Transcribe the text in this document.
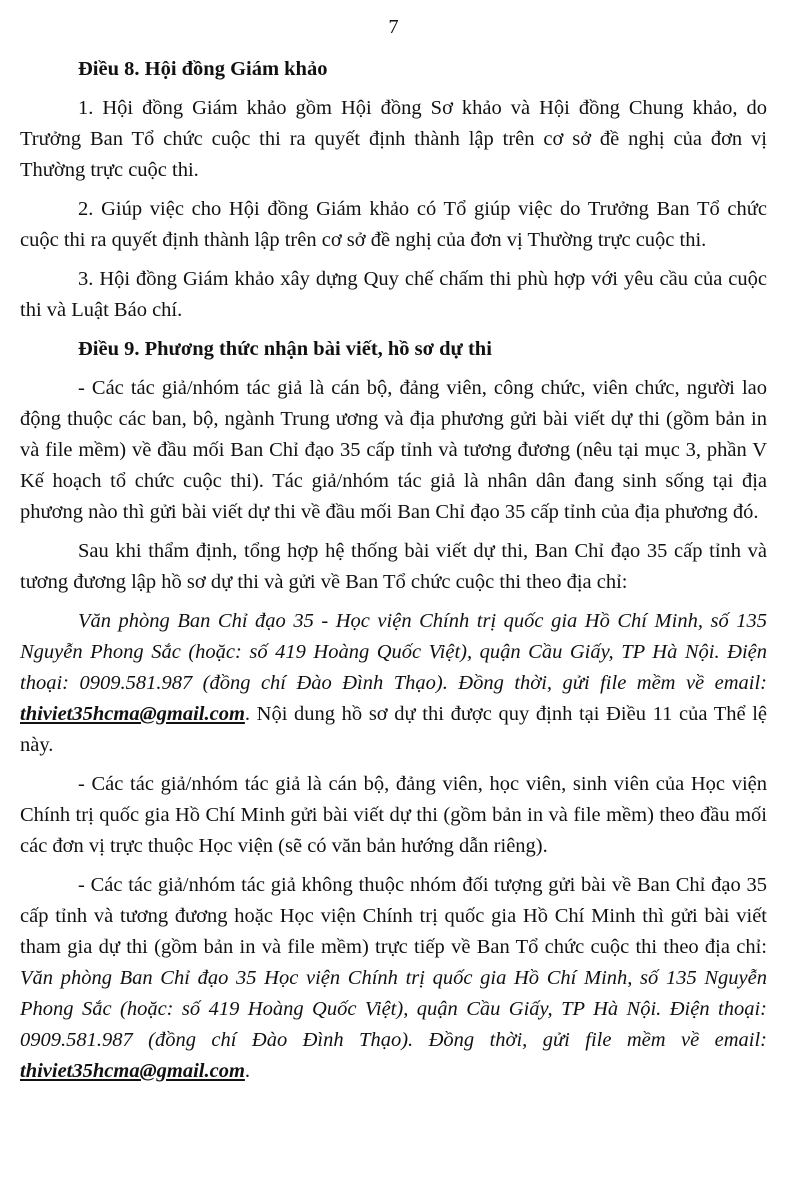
7
Điều 8. Hội đồng Giám khảo

1. Hội đồng Giám khảo gồm Hội đồng Sơ khảo và Hội đồng Chung khảo, do Trưởng Ban Tổ chức cuộc thi ra quyết định thành lập trên cơ sở đề nghị của đơn vị Thường trực cuộc thi.

2. Giúp việc cho Hội đồng Giám khảo có Tổ giúp việc do Trưởng Ban Tổ chức cuộc thi ra quyết định thành lập trên cơ sở đề nghị của đơn vị Thường trực cuộc thi.

3. Hội đồng Giám khảo xây dựng Quy chế chấm thi phù hợp với yêu cầu của cuộc thi và Luật Báo chí.

Điều 9. Phương thức nhận bài viết, hồ sơ dự thi

- Các tác giả/nhóm tác giả là cán bộ, đảng viên, công chức, viên chức, người lao động thuộc các ban, bộ, ngành Trung ương và địa phương gửi bài viết dự thi (gồm bản in và file mềm) về đầu mối Ban Chỉ đạo 35 cấp tỉnh và tương đương (nêu tại mục 3, phần V Kế hoạch tổ chức cuộc thi). Tác giả/nhóm tác giả là nhân dân đang sinh sống tại địa phương nào thì gửi bài viết dự thi về đầu mối Ban Chỉ đạo 35 cấp tỉnh của địa phương đó.

Sau khi thẩm định, tổng hợp hệ thống bài viết dự thi, Ban Chỉ đạo 35 cấp tỉnh và tương đương lập hồ sơ dự thi và gửi về Ban Tổ chức cuộc thi theo địa chỉ:

Văn phòng Ban Chỉ đạo 35 - Học viện Chính trị quốc gia Hồ Chí Minh, số 135 Nguyễn Phong Sắc (hoặc: số 419 Hoàng Quốc Việt), quận Cầu Giấy, TP Hà Nội. Điện thoại: 0909.581.987 (đồng chí Đào Đình Thạo). Đồng thời, gửi file mềm về email: thiviet35hcma@gmail.com. Nội dung hồ sơ dự thi được quy định tại Điều 11 của Thể lệ này.

- Các tác giả/nhóm tác giả là cán bộ, đảng viên, học viên, sinh viên của Học viện Chính trị quốc gia Hồ Chí Minh gửi bài viết dự thi (gồm bản in và file mềm) theo đầu mối các đơn vị trực thuộc Học viện (sẽ có văn bản hướng dẫn riêng).

- Các tác giả/nhóm tác giả không thuộc nhóm đối tượng gửi bài về Ban Chỉ đạo 35 cấp tỉnh và tương đương hoặc Học viện Chính trị quốc gia Hồ Chí Minh thì gửi bài viết tham gia dự thi (gồm bản in và file mềm) trực tiếp về Ban Tổ chức cuộc thi theo địa chỉ: Văn phòng Ban Chỉ đạo 35 Học viện Chính trị quốc gia Hồ Chí Minh, số 135 Nguyễn Phong Sắc (hoặc: số 419 Hoàng Quốc Việt), quận Cầu Giấy, TP Hà Nội. Điện thoại: 0909.581.987 (đồng chí Đào Đình Thạo). Đồng thời, gửi file mềm về email: thiviet35hcma@gmail.com.
